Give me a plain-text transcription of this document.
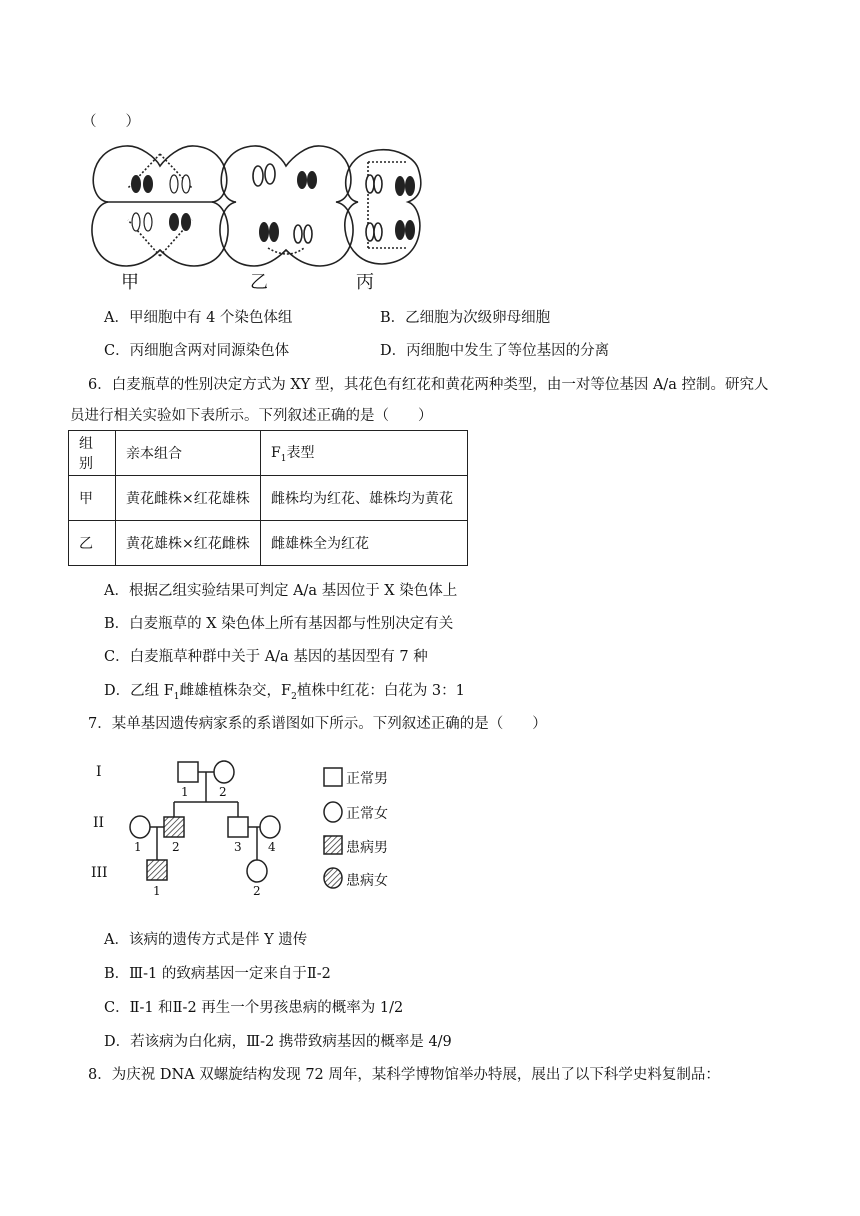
（　　）
甲	乙	丙
A．甲细胞中有 4 个染色体组	B．乙细胞为次级卵母细胞
C．丙细胞含两对同源染色体	D．丙细胞中发生了等位基因的分离
6．白麦瓶草的性别决定方式为 XY 型，其花色有红花和黄花两种类型，由一对等位基因 A/a 控制。研究人
员进行相关实验如下表所示。下列叙述正确的是（　　）
组别	亲本组合	$F_1$表型
甲	黄花雌株×红花雄株	雌株均为红花、雄株均为黄花
乙	黄花雄株×红花雌株	雌雄株全为红花
A．根据乙组实验结果可判定 A/a 基因位于 X 染色体上
B．白麦瓶草的 X 染色体上所有基因都与性别决定有关
C．白麦瓶草种群中关于 A/a 基因的基因型有 7 种
D．乙组 $F_1$雌雄植株杂交，$F_2$植株中红花：白花为 3：1
7．某单基因遗传病家系的系谱图如下所示。下列叙述正确的是（　　）
I
II
III
1	2
1	2	3 4
1	2
正常男
正常女
患病男
患病女
A．该病的遗传方式是伴 Y 遗传
B．Ⅲ-1 的致病基因一定来自于Ⅱ-2
C．Ⅱ-1 和Ⅱ-2 再生一个男孩患病的概率为 1/2
D．若该病为白化病，Ⅲ-2 携带致病基因的概率是 4/9
8．为庆祝 DNA 双螺旋结构发现 72 周年，某科学博物馆举办特展，展出了以下科学史料复制品：
